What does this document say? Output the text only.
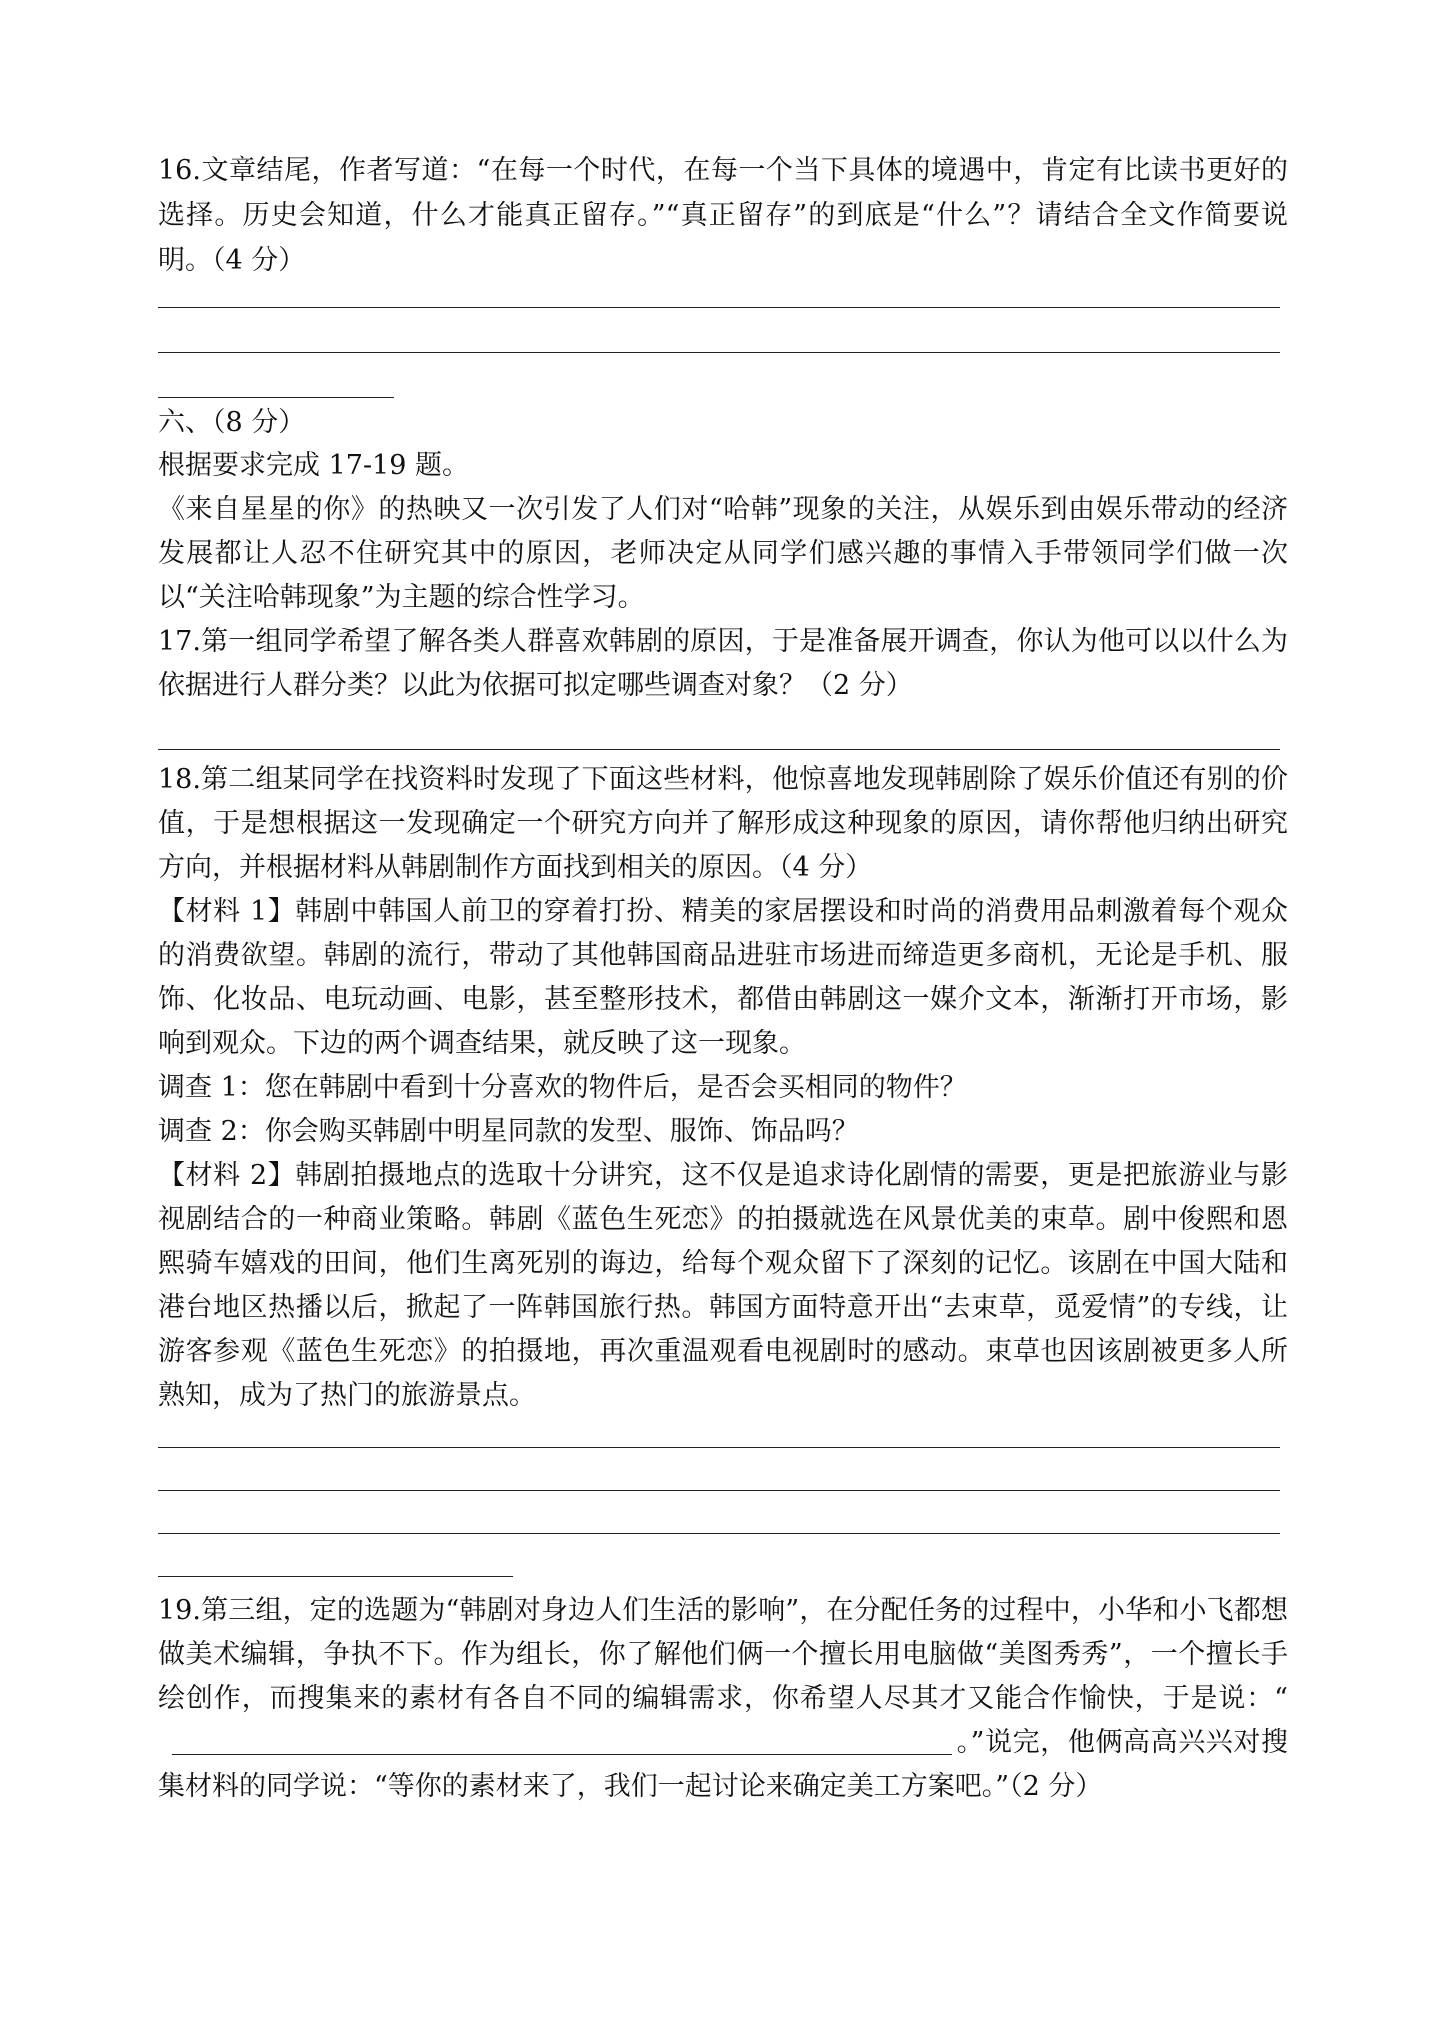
16.文章结尾，作者写道：“在每一个时代，在每一个当下具体的境遇中，肯定有比读书更好的选择。历史会知道，什么才能真正留存。”“真正留存”的到底是“什么”？请结合全文作简要说明。（4 分）

六、（8 分）

根据要求完成 17-19 题。

《来自星星的你》的热映又一次引发了人们对“哈韩”现象的关注，从娱乐到由娱乐带动的经济发展都让人忍不住研究其中的原因，老师决定从同学们感兴趣的事情入手带领同学们做一次以“关注哈韩现象”为主题的综合性学习。

17.第一组同学希望了解各类人群喜欢韩剧的原因，于是准备展开调查，你认为他可以以什么为依据进行人群分类？以此为依据可拟定哪些调查对象？（2 分）

18.第二组某同学在找资料时发现了下面这些材料，他惊喜地发现韩剧除了娱乐价值还有别的价值，于是想根据这一发现确定一个研究方向并了解形成这种现象的原因，请你帮他归纳出研究方向，并根据材料从韩剧制作方面找到相关的原因。（4 分）

【材料 1】韩剧中韩国人前卫的穿着打扮、精美的家居摆设和时尚的消费用品刺激着每个观众的消费欲望。韩剧的流行，带动了其他韩国商品进驻市场进而缔造更多商机，无论是手机、服饰、化妆品、电玩动画、电影，甚至整形技术，都借由韩剧这一媒介文本，渐渐打开市场，影响到观众。下边的两个调查结果，就反映了这一现象。

调查 1：您在韩剧中看到十分喜欢的物件后，是否会买相同的物件？

调查 2：你会购买韩剧中明星同款的发型、服饰、饰品吗？

【材料 2】韩剧拍摄地点的选取十分讲究，这不仅是追求诗化剧情的需要，更是把旅游业与影视剧结合的一种商业策略。韩剧《蓝色生死恋》的拍摄就选在风景优美的束草。剧中俊熙和恩熙骑车嬉戏的田间，他们生离死别的诲边，给每个观众留下了深刻的记忆。该剧在中国大陆和港台地区热播以后，掀起了一阵韩国旅行热。韩国方面特意开出“去束草，觅爱情”的专线，让游客参观《蓝色生死恋》的拍摄地，再次重温观看电视剧时的感动。束草也因该剧被更多人所熟知，成为了热门的旅游景点。

19.第三组，定的选题为“韩剧对身边人们生活的影响”，在分配任务的过程中，小华和小飞都想做美术编辑，争执不下。作为组长，你了解他们俩一个擅长用电脑做“美图秀秀”，一个擅长手绘创作，而搜集来的素材有各自不同的编辑需求，你希望人尽其才又能合作愉快，于是说：“。”说完，他俩高高兴兴对搜集材料的同学说：“等你的素材来了，我们一起讨论来确定美工方案吧。”（2 分）
